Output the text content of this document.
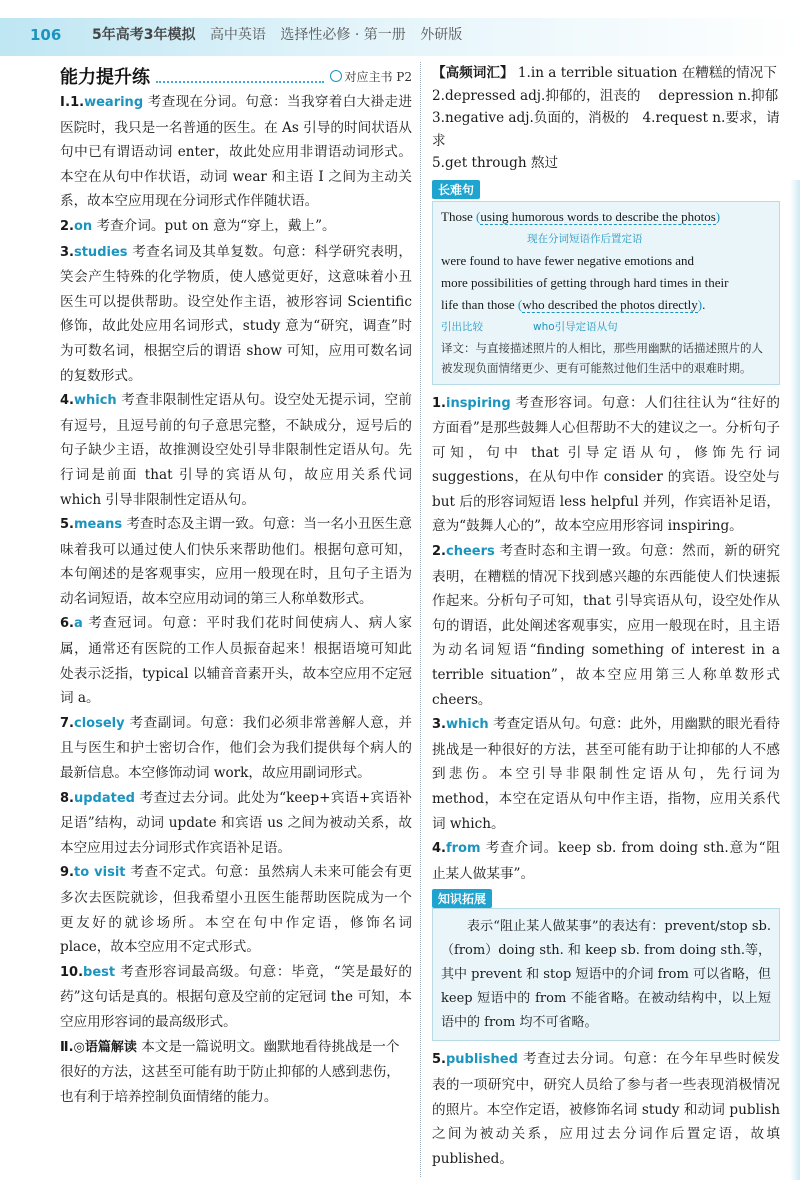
106	5年高考3年模拟 高中英语 选择性必修 · 第一册 外研版
能力提升练	对应主书 P2
Ⅰ.1.wearing 考查现在分词。句意：当我穿着白大褂走进医院时，我只是一名普通的医生。在 As 引导的时间状语从句中已有谓语动词 enter，故此处应用非谓语动词形式。本空在从句中作状语，动词 wear 和主语 I 之间为主动关系，故本空应用现在分词形式作伴随状语。
2.on 考查介词。put on 意为“穿上，戴上”。
3.studies 考查名词及其单复数。句意：科学研究表明，笑会产生特殊的化学物质，使人感觉更好，这意味着小丑医生可以提供帮助。设空处作主语，被形容词 Scientific 修饰，故此处应用名词形式，study 意为“研究，调查”时为可数名词，根据空后的谓语 show 可知，应用可数名词的复数形式。
4.which 考查非限制性定语从句。设空处无提示词，空前有逗号，且逗号前的句子意思完整，不缺成分，逗号后的句子缺少主语，故推测设空处引导非限制性定语从句。先行词是前面 that 引导的宾语从句，故应用关系代词 which 引导非限制性定语从句。
5.means 考查时态及主谓一致。句意：当一名小丑医生意味着我可以通过使人们快乐来帮助他们。根据句意可知，本句阐述的是客观事实，应用一般现在时，且句子主语为动名词短语，故本空应用动词的第三人称单数形式。
6.a 考查冠词。句意：平时我们花时间使病人、病人家属，通常还有医院的工作人员振奋起来！根据语境可知此处表示泛指，typical 以辅音音素开头，故本空应用不定冠词 a。
7.closely 考查副词。句意：我们必须非常善解人意，并且与医生和护士密切合作，他们会为我们提供每个病人的最新信息。本空修饰动词 work，故应用副词形式。
8.updated 考查过去分词。此处为“keep+宾语+宾语补足语”结构，动词 update 和宾语 us 之间为被动关系，故本空应用过去分词形式作宾语补足语。
9.to visit 考查不定式。句意：虽然病人未来可能会有更多次去医院就诊，但我希望小丑医生能帮助医院成为一个更友好的就诊场所。本空在句中作定语，修饰名词 place，故本空应用不定式形式。
10.best 考查形容词最高级。句意：毕竟，“笑是最好的药”这句话是真的。根据句意及空前的定冠词 the 可知，本空应用形容词的最高级形式。
Ⅱ.◎语篇解读 本文是一篇说明文。幽默地看待挑战是一个很好的方法，这甚至可能有助于防止抑郁的人感到悲伤，也有利于培养控制负面情绪的能力。
【高频词汇】 1.in a terrible situation 在糟糕的情况下
2.depressed adj.抑郁的，沮丧的　 depression n.抑郁
3.negative adj.负面的，消极的　4.request n.要求，请求
5.get through 熬过
长难句
Those (using humorous words to describe the photos)
现在分词短语作后置定语
were found to have fewer negative emotions and
more possibilities of getting through hard times in their
life than those (who described the photos directly).
引出比较	who引导定语从句
译文：与直接描述照片的人相比，那些用幽默的话描述照片的人被发现负面情绪更少、更有可能熬过他们生活中的艰难时期。
1.inspiring 考查形容词。句意：人们往往认为“往好的方面看”是那些鼓舞人心但帮助不大的建议之一。分析句子可知，句中 that 引导定语从句，修饰先行词 suggestions，在从句中作 consider 的宾语。设空处与 but 后的形容词短语 less helpful 并列，作宾语补足语，意为“鼓舞人心的”，故本空应用形容词 inspiring。
2.cheers 考查时态和主谓一致。句意：然而，新的研究表明，在糟糕的情况下找到感兴趣的东西能使人们快速振作起来。分析句子可知，that 引导宾语从句，设空处作从句的谓语，此处阐述客观事实，应用一般现在时，且主语为动名词短语“finding something of interest in a terrible situation”，故本空应用第三人称单数形式 cheers。
3.which 考查定语从句。句意：此外，用幽默的眼光看待挑战是一种很好的方法，甚至可能有助于让抑郁的人不感到悲伤。本空引导非限制性定语从句，先行词为 method，本空在定语从句中作主语，指物，应用关系代词 which。
4.from 考查介词。keep sb. from doing sth.意为“阻止某人做某事”。
知识拓展
表示“阻止某人做某事”的表达有：prevent/stop sb.（from）doing sth. 和 keep sb. from doing sth.等，其中 prevent 和 stop 短语中的介词 from 可以省略，但 keep 短语中的 from 不能省略。在被动结构中，以上短语中的 from 均不可省略。
5.published 考查过去分词。句意：在今年早些时候发表的一项研究中，研究人员给了参与者一些表现消极情况的照片。本空作定语，被修饰名词 study 和动词 publish 之间为被动关系，应用过去分词作后置定语，故填 published。
